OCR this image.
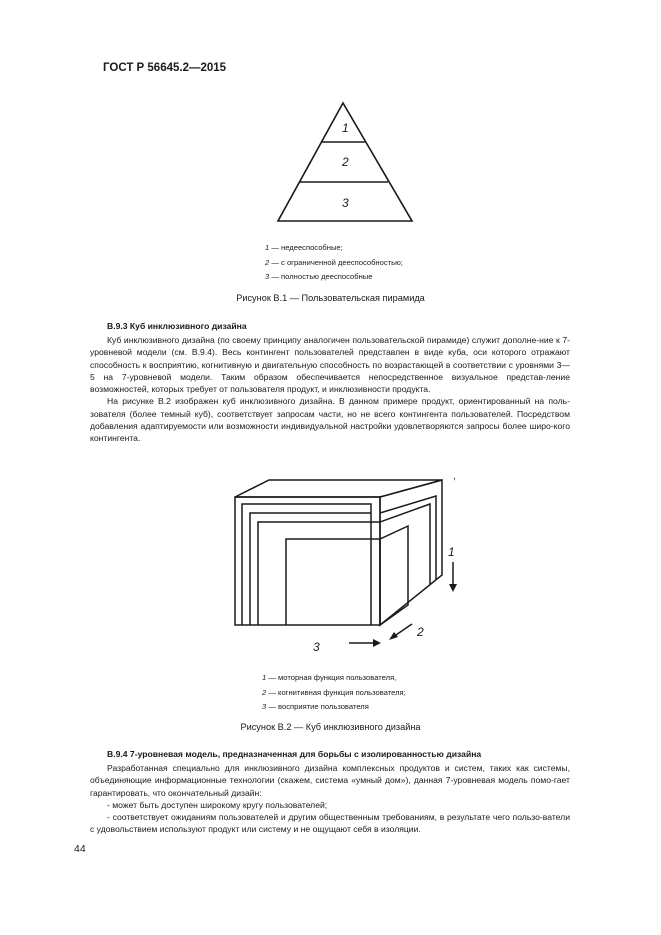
ГОСТ Р 56645.2—2015
1
2
3
1 — недееспособные;
2 — с ограниченной дееспособностью;
3 — полностью дееспособные
Рисунок В.1 — Пользовательская пирамида
В.9.3 Куб инклюзивного дизайна

Куб инклюзивного дизайна (по своему принципу аналогичен пользовательской пирамиде) служит дополне-ние к 7-уровневой модели (см. В.9.4). Весь контингент пользователей представлен в виде куба, оси которого отражают способность к восприятию, когнитивную и двигательную способность по возрастающей в соответствии с уровнями 3—5 на 7-уровневой модели. Таким образом обеспечивается непосредственное визуальное представ-ление возможностей, которых требует от пользователя продукт, и инклюзивности продукта.

На рисунке В.2 изображен куб инклюзивного дизайна. В данном примере продукт, ориентированный на поль-зователя (более темный куб), соответствует запросам части, но не всего контингента пользователей. Посредством добавления адаптируемости или возможности индивидуальной настройки удовлетворяются запросы более широ-кого контингента.

,
1
2
3
1 — моторная функция пользователя,
2 — когнитивная функция пользователя;
3 — восприятие пользователя
Рисунок В.2 — Куб инклюзивного дизайна
В.9.4 7-уровневая модель, предназначенная для борьбы с изолированностью дизайна

Разработанная специально для инклюзивного дизайна комплексных продуктов и систем, таких как системы, объединяющие информационные технологии (скажем, система «умный дом»), данная 7-уровневая модель помо-гает гарантировать, что окончательный дизайн:

- может быть доступен широкому кругу пользователей;

- соответствует ожиданиям пользователей и другим общественным требованиям, в результате чего пользо-ватели с удовольствием используют продукт или систему и не ощущают себя в изоляции.

44
